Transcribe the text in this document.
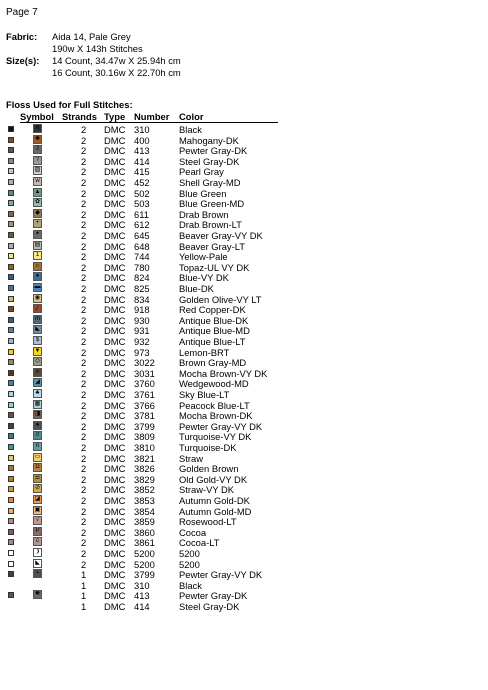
Page 7
Fabric: Aida 14, Pale Grey
190w X 143h Stitches
Size(s): 14 Count, 34.47w X 25.94h cm
16 Count, 30.16w X 22.70h cm
Floss Used for Full Stitches:
Symbol Strands Type Number Color
X	2 DMC 310	Black
✱	2 DMC 400	Mahogany-DK
≡	2 DMC 413	Pewter Gray-DK
?	2 DMC 414	Steel Gray-DK
▧	2 DMC 415	Pearl Gray
w	2 DMC 452	Shell Gray-MD
▲	2 DMC 502	Blue Green
✿	2 DMC 503	Blue Green-MD
◆	2 DMC 611	Drab Brown
•	2 DMC 612	Drab Brown-LT
✶	2 DMC 645	Beaver Gray-VY DK
▤	2 DMC 648	Beaver Gray-LT
1	2 DMC 744	Yellow-Pale
∩	2 DMC 780	Topaz-UL VY DK
♦	2 DMC 824	Blue-VY DK
▬	2 DMC 825	Blue-DK
◉	2 DMC 834	Golden Olive-VY LT
╱	2 DMC 918	Red Copper-DK
m	2 DMC 930	Antique Blue-DK
◣	2 DMC 931	Antique Blue-MD
$	2 DMC 932	Antique Blue-LT
▼	2 DMC 973	Lemon-BRT
◇	2 DMC 3022	Brown Gray-MD
#	2 DMC 3031	Mocha Brown-VY DK
◢	2 DMC 3760	Wedgewood-MD
♣	2 DMC 3761	Sky Blue-LT
▦	2 DMC 3766	Peacock Blue-LT
◨	2 DMC 3781	Mocha Brown-DK
●	2 DMC 3799	Pewter Gray-VY DK
//	2 DMC 3809	Turquoise-VY DK
n	2 DMC 3810	Turquoise-DK
▭	2 DMC 3821	Straw
◘	2 DMC 3826	Golden Brown
☰	2 DMC 3829	Old Gold-VY DK
⊘	2 DMC 3852	Straw-VY DK
◪	2 DMC 3853	Autumn Gold-DK
▣	2 DMC 3854	Autumn Gold-MD
√	2 DMC 3859	Rosewood-LT
P	2 DMC 3860	Cocoa
c	2 DMC 3861	Cocoa-LT
❩	2 DMC 5200	5200
◣	2 DMC 5200	5200
▪	1 DMC 3799	Pewter Gray-VY DK
1 DMC 310	Black
✺	1 DMC 413	Pewter Gray-DK
1 DMC 414	Steel Gray-DK
